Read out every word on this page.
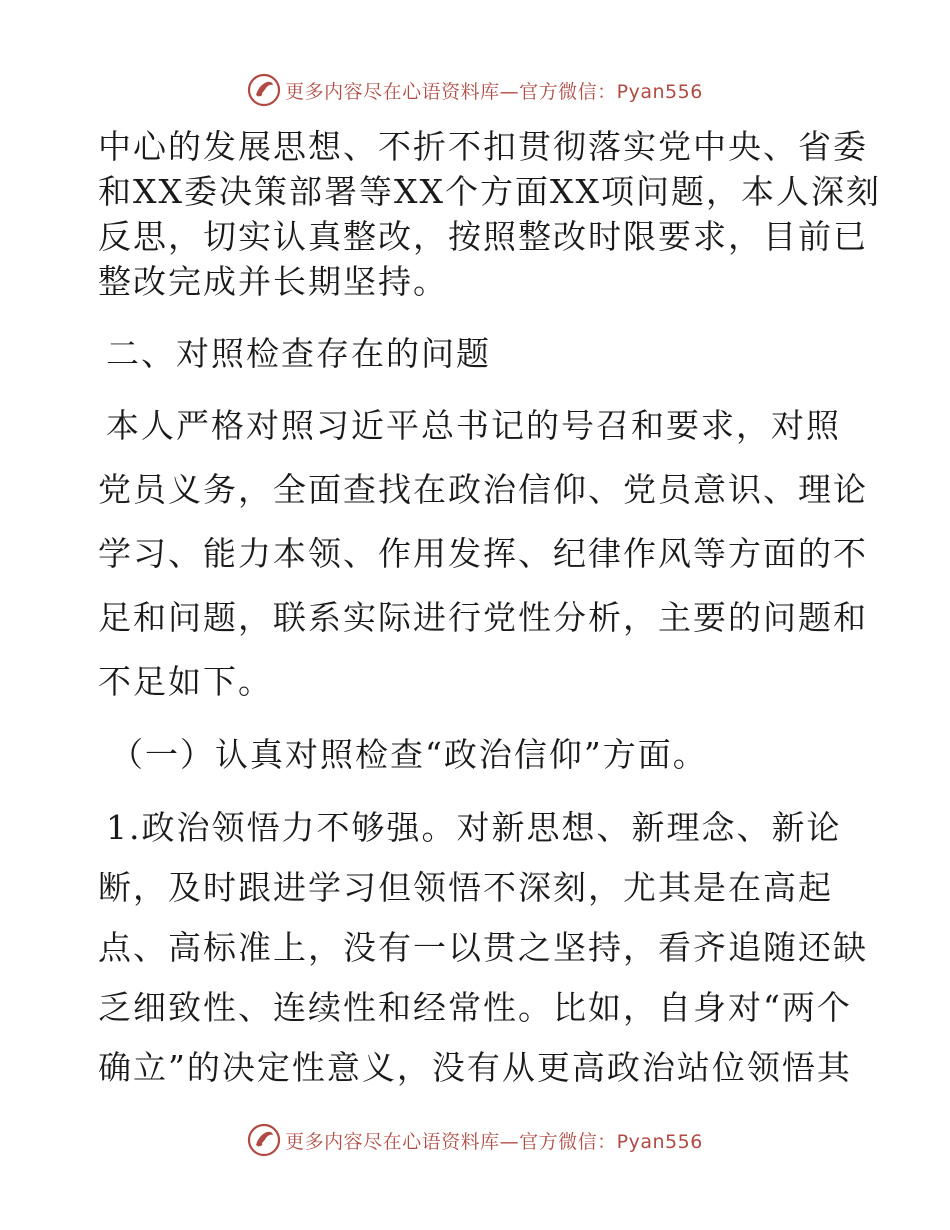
更多内容尽在心语资料库—官方微信：Pyan556
中心的发展思想、不折不扣贯彻落实党中央、省委
和XX委决策部署等XX个方面XX项问题，本人深刻
反思，切实认真整改，按照整改时限要求，目前已
整改完成并长期坚持。
二、对照检查存在的问题
本人严格对照习近平总书记的号召和要求，对照
党员义务，全面查找在政治信仰、党员意识、理论
学习、能力本领、作用发挥、纪律作风等方面的不
足和问题，联系实际进行党性分析，主要的问题和
不足如下。
（一）认真对照检查“政治信仰”方面。
1.政治领悟力不够强。对新思想、新理念、新论
断，及时跟进学习但领悟不深刻，尤其是在高起
点、高标准上，没有一以贯之坚持，看齐追随还缺
乏细致性、连续性和经常性。比如，自身对“两个
确立”的决定性意义，没有从更高政治站位领悟其
更多内容尽在心语资料库—官方微信：Pyan556
